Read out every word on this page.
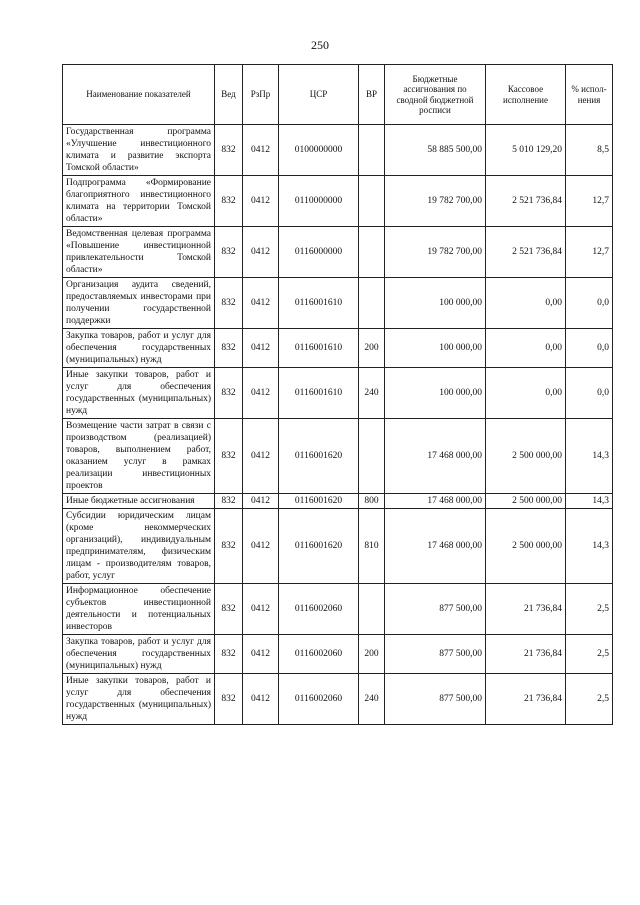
250
Наименование показателей	Вед	РзПр	ЦСР	ВР	Бюджетные ассигнования по сводной бюджетной росписи	Кассовое исполнение	% испол-нения
Государственная программа «Улучшение инвестиционного климата и развитие экспорта Томской области»	832	0412	0100000000		58 885 500,00	5 010 129,20	8,5
Подпрограмма «Формирование благоприятного инвестиционного климата на территории Томской области»	832	0412	0110000000		19 782 700,00	2 521 736,84	12,7
Ведомственная целевая программа «Повышение инвестиционной привлекательности Томской области»	832	0412	0116000000		19 782 700,00	2 521 736,84	12,7
Организация аудита сведений, предоставляемых инвесторами при получении государственной поддержки	832	0412	0116001610		100 000,00	0,00	0,0
Закупка товаров, работ и услуг для обеспечения государственных (муниципальных) нужд	832	0412	0116001610	200	100 000,00	0,00	0,0
Иные закупки товаров, работ и услуг для обеспечения государственных (муниципальных) нужд	832	0412	0116001610	240	100 000,00	0,00	0,0
Возмещение части затрат в связи с производством (реализацией) товаров, выполнением работ, оказанием услуг в рамках реализации инвестиционных проектов	832	0412	0116001620		17 468 000,00	2 500 000,00	14,3
Иные бюджетные ассигнования	832	0412	0116001620	800	17 468 000,00	2 500 000,00	14,3
Субсидии юридическим лицам (кроме некоммерческих организаций), индивидуальным предпринимателям, физическим лицам - производителям товаров, работ, услуг	832	0412	0116001620	810	17 468 000,00	2 500 000,00	14,3
Информационное обеспечение субъектов инвестиционной деятельности и потенциальных инвесторов	832	0412	0116002060		877 500,00	21 736,84	2,5
Закупка товаров, работ и услуг для обеспечения государственных (муниципальных) нужд	832	0412	0116002060	200	877 500,00	21 736,84	2,5
Иные закупки товаров, работ и услуг для обеспечения государственных (муниципальных) нужд	832	0412	0116002060	240	877 500,00	21 736,84	2,5
